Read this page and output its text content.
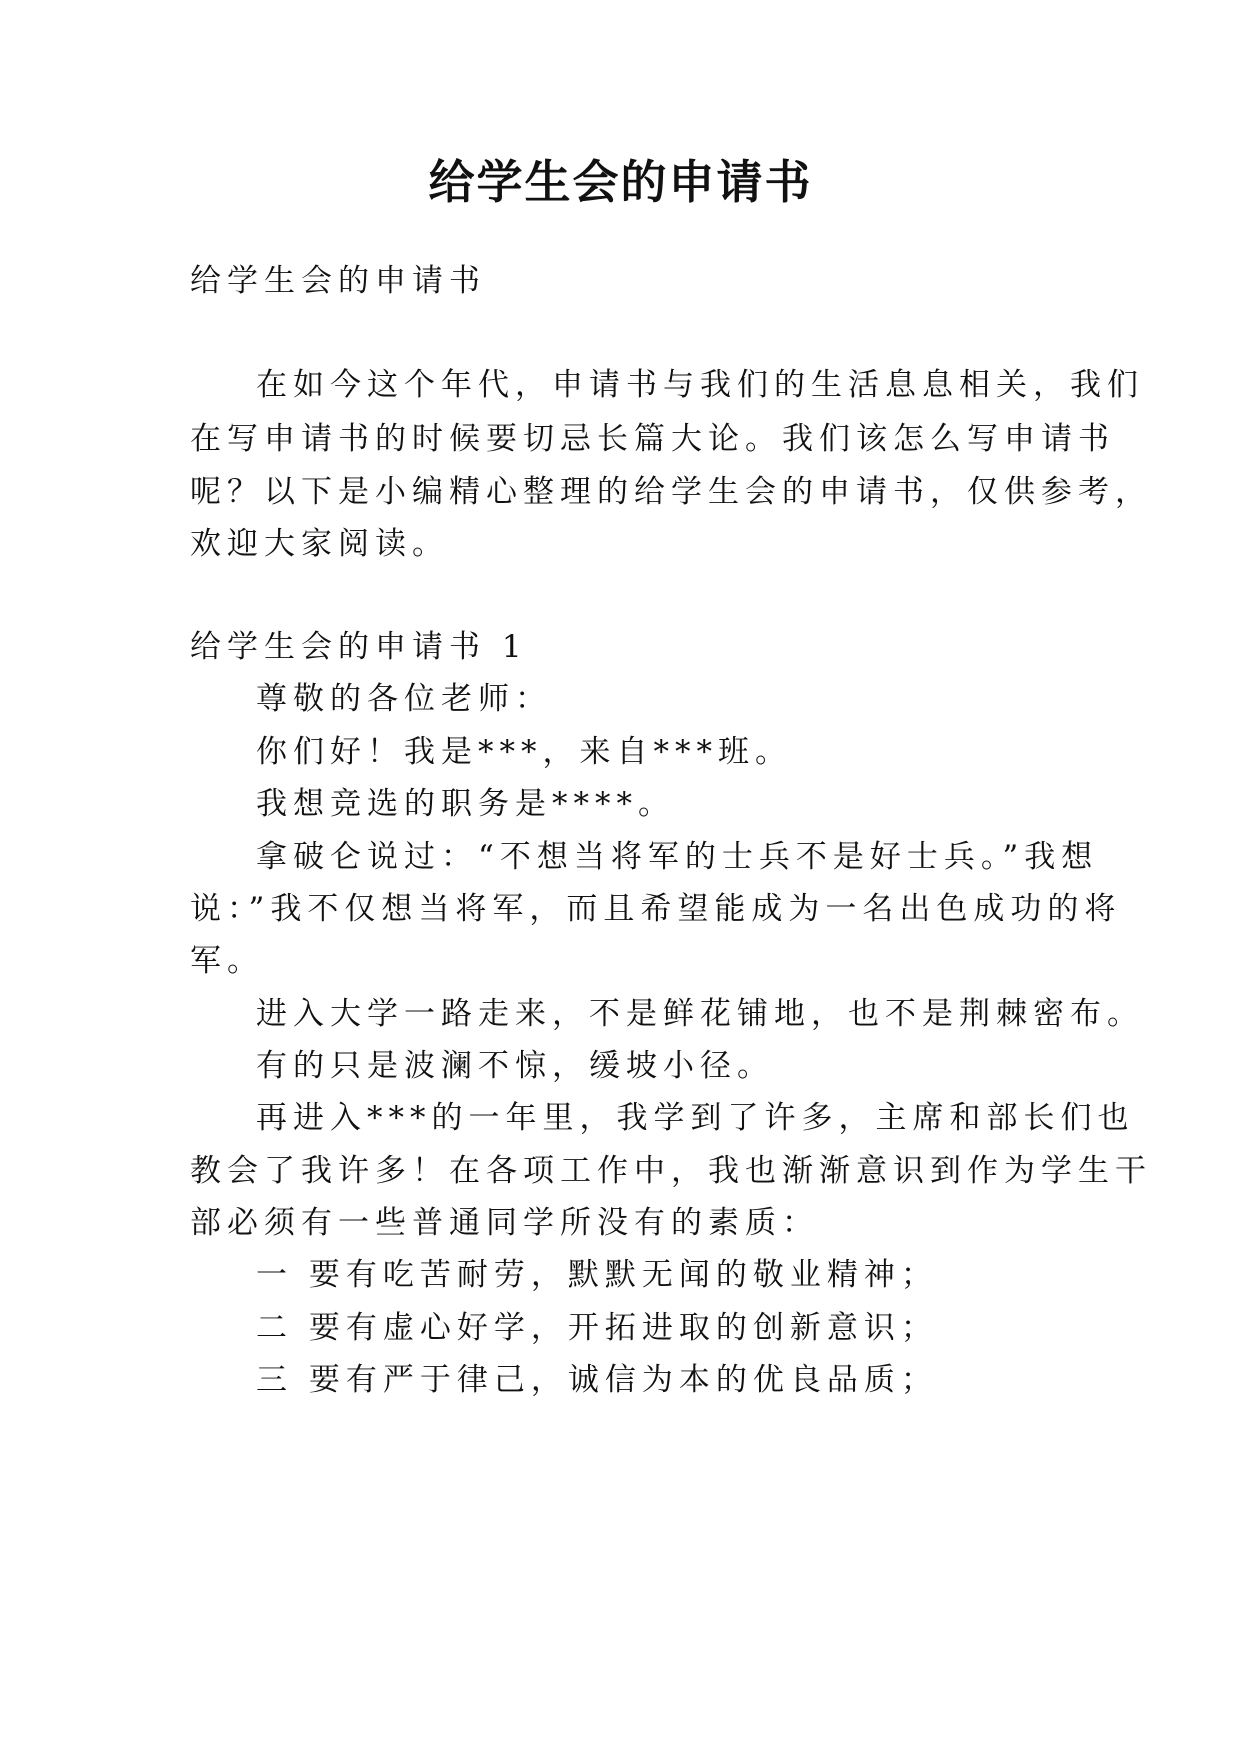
给学生会的申请书

给学生会的申请书

在如今这个年代，申请书与我们的生活息息相关，我们

在写申请书的时候要切忌长篇大论。我们该怎么写申请书

呢？以下是小编精心整理的给学生会的申请书，仅供参考，

欢迎大家阅读。

给学生会的申请书 1

尊敬的各位老师：

你们好！我是***，来自***班。

我想竞选的职务是****。

拿破仑说过：“不想当将军的士兵不是好士兵。”我想

说：”我不仅想当将军，而且希望能成为一名出色成功的将

军。

进入大学一路走来，不是鲜花铺地，也不是荆棘密布。

有的只是波澜不惊，缓坡小径。

再进入***的一年里，我学到了许多，主席和部长们也

教会了我许多！在各项工作中，我也渐渐意识到作为学生干

部必须有一些普通同学所没有的素质：

一 要有吃苦耐劳，默默无闻的敬业精神；

二 要有虚心好学，开拓进取的创新意识；

三 要有严于律己，诚信为本的优良品质；
